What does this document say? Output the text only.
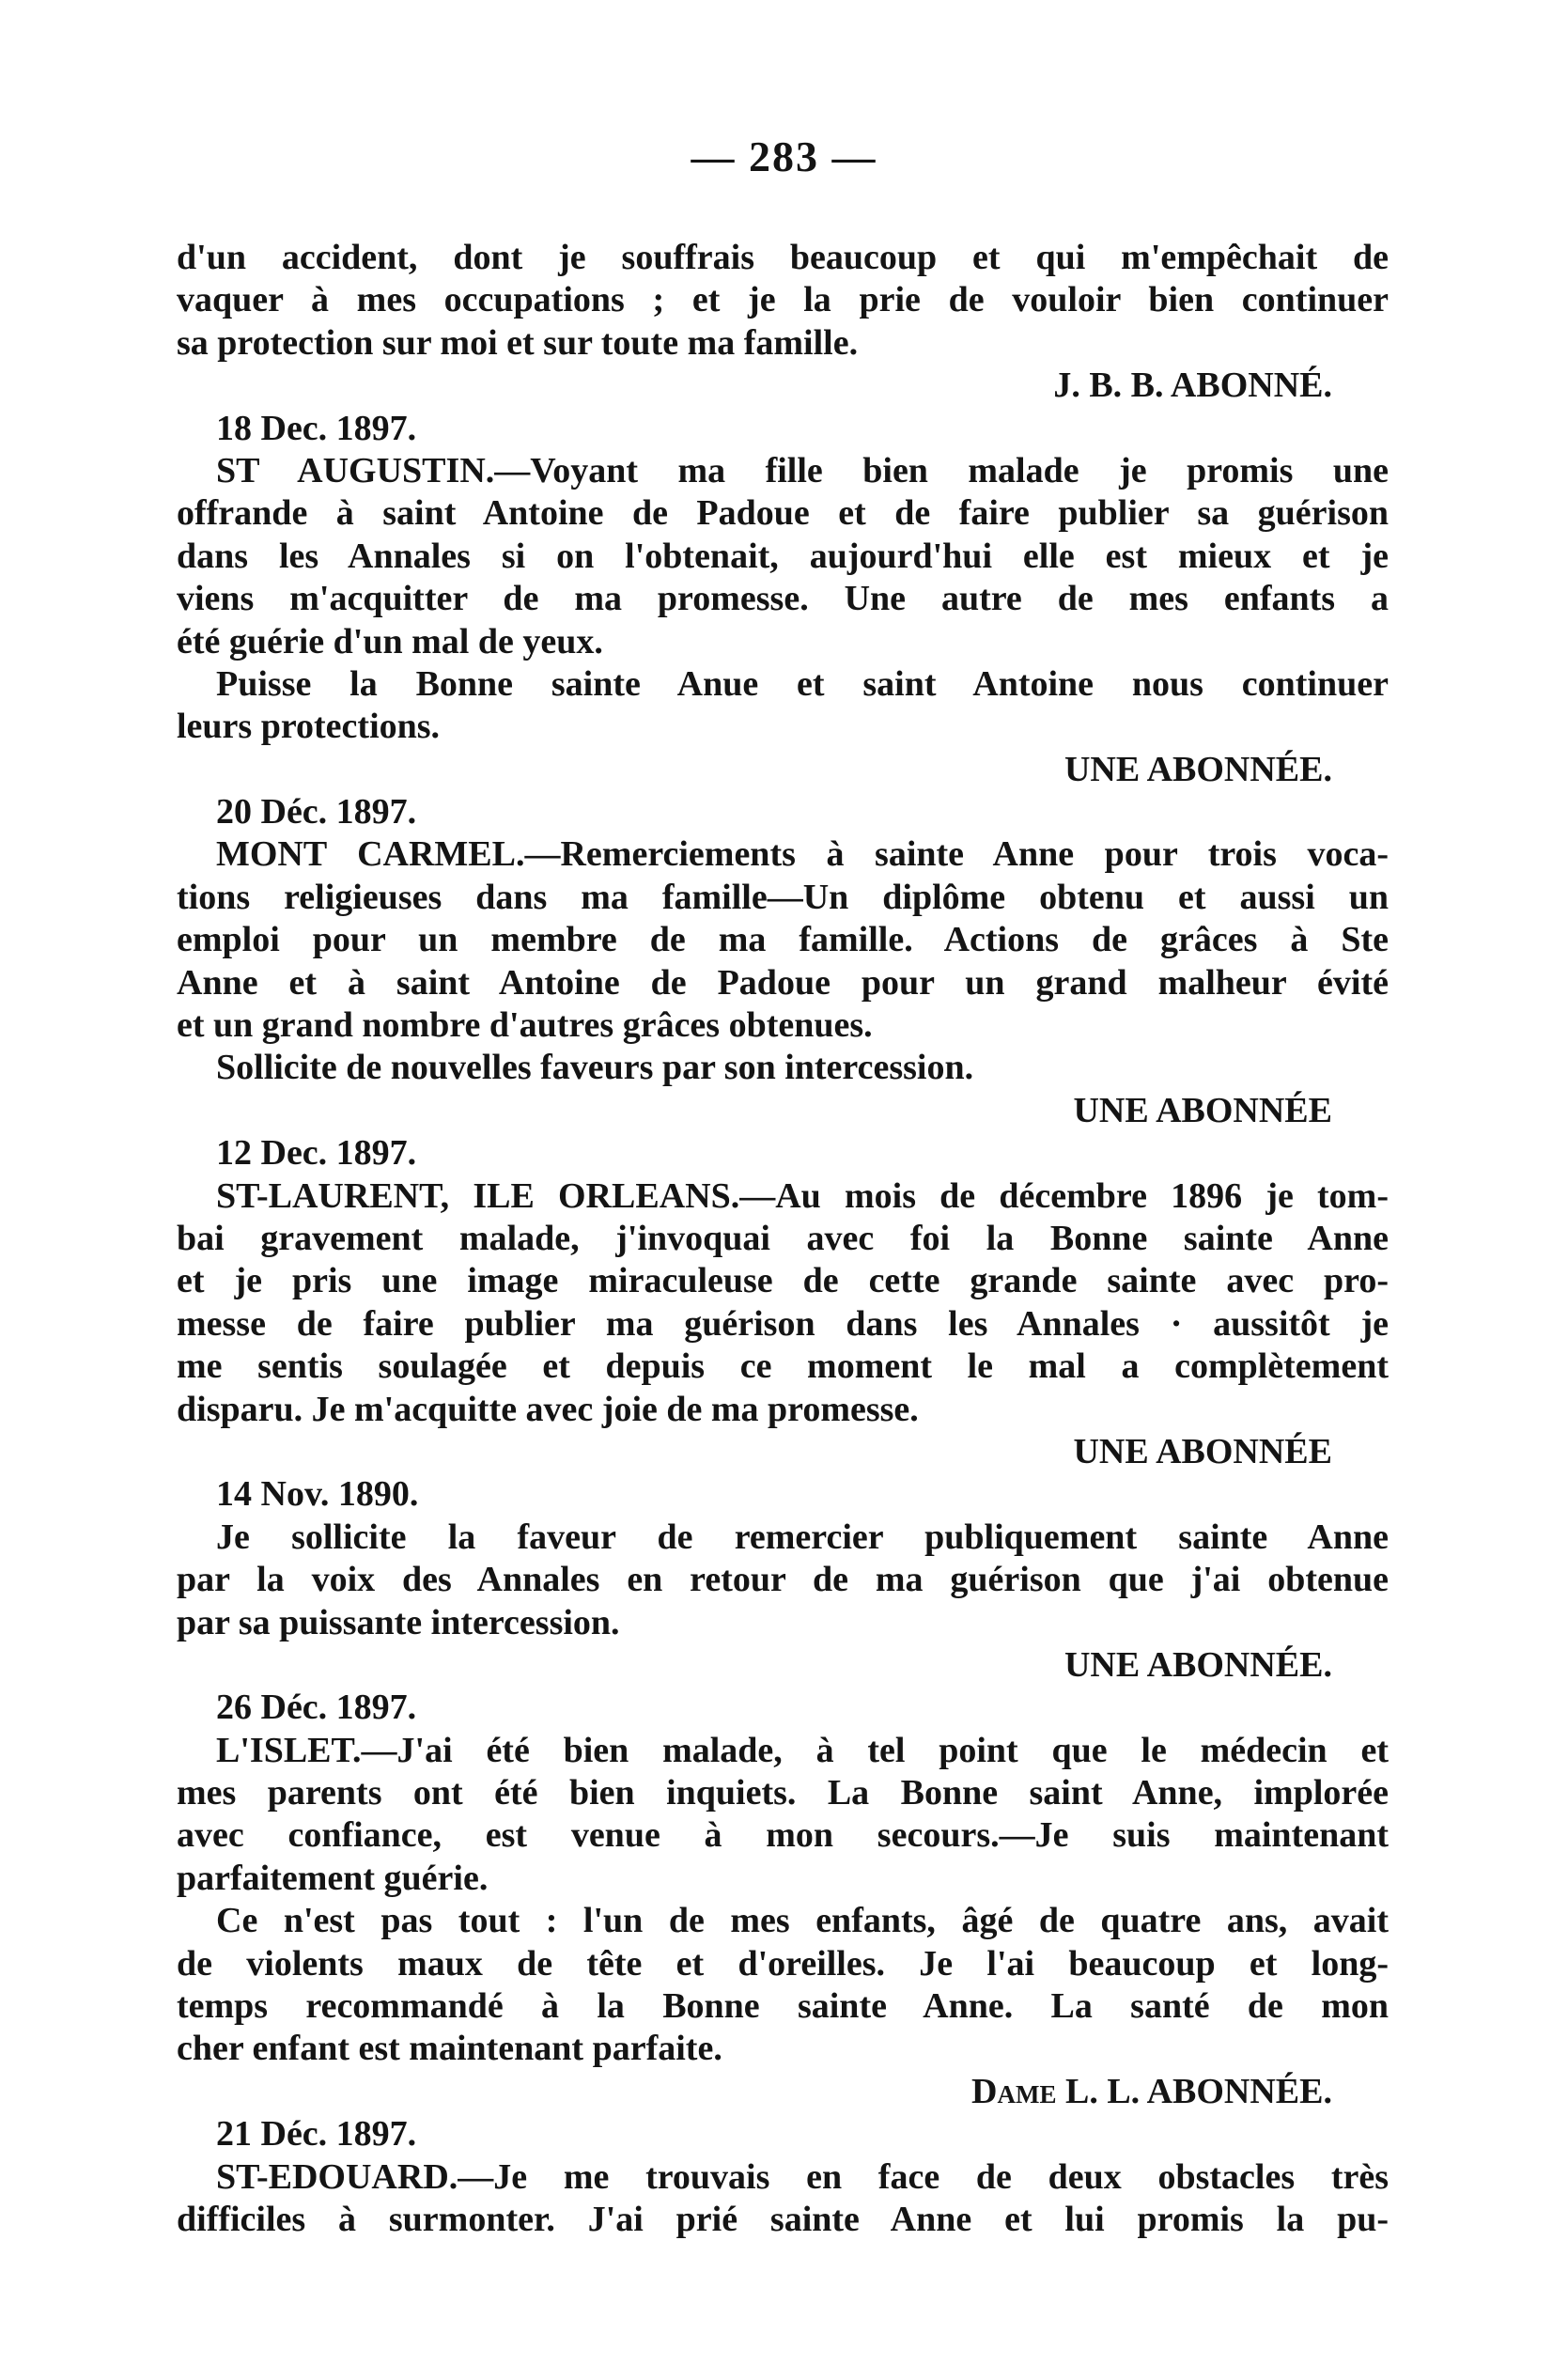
— 283 —
d'un accident, dont je souffrais beaucoup et qui m'empêchait de
vaquer à mes occupations ; et je la prie de vouloir bien continuer
sa protection sur moi et sur toute ma famille.
J. B. B. ABONNÉ.
18 Dec. 1897.
ST AUGUSTIN.—Voyant ma fille bien malade je promis une
offrande à saint Antoine de Padoue et de faire publier sa guérison
dans les Annales si on l'obtenait, aujourd'hui elle est mieux et je
viens m'acquitter de ma promesse. Une autre de mes enfants a
été guérie d'un mal de yeux.
Puisse la Bonne sainte Anue et saint Antoine nous continuer
leurs protections.
UNE ABONNÉE.
20 Déc. 1897.
MONT CARMEL.—Remerciements à sainte Anne pour trois voca-
tions religieuses dans ma famille—Un diplôme obtenu et aussi un
emploi pour un membre de ma famille. Actions de grâces à Ste
Anne et à saint Antoine de Padoue pour un grand malheur évité
et un grand nombre d'autres grâces obtenues.
Sollicite de nouvelles faveurs par son intercession.
UNE ABONNÉE
12 Dec. 1897.
ST-LAURENT, ILE ORLEANS.—Au mois de décembre 1896 je tom-
bai gravement malade, j'invoquai avec foi la Bonne sainte Anne
et je pris une image miraculeuse de cette grande sainte avec pro-
messe de faire publier ma guérison dans les Annales · aussitôt je
me sentis soulagée et depuis ce moment le mal a complètement
disparu. Je m'acquitte avec joie de ma promesse.
UNE ABONNÉE
14 Nov. 1890.
Je sollicite la faveur de remercier publiquement sainte Anne
par la voix des Annales en retour de ma guérison que j'ai obtenue
par sa puissante intercession.
UNE ABONNÉE.
26 Déc. 1897.
L'ISLET.—J'ai été bien malade, à tel point que le médecin et
mes parents ont été bien inquiets. La Bonne saint Anne, implorée
avec confiance, est venue à mon secours.—Je suis maintenant
parfaitement guérie.
Ce n'est pas tout : l'un de mes enfants, âgé de quatre ans, avait
de violents maux de tête et d'oreilles. Je l'ai beaucoup et long-
temps recommandé à la Bonne sainte Anne. La santé de mon
cher enfant est maintenant parfaite.
Dame L. L. ABONNÉE.
21 Déc. 1897.
ST-EDOUARD.—Je me trouvais en face de deux obstacles très
difficiles à surmonter. J'ai prié sainte Anne et lui promis la pu-
